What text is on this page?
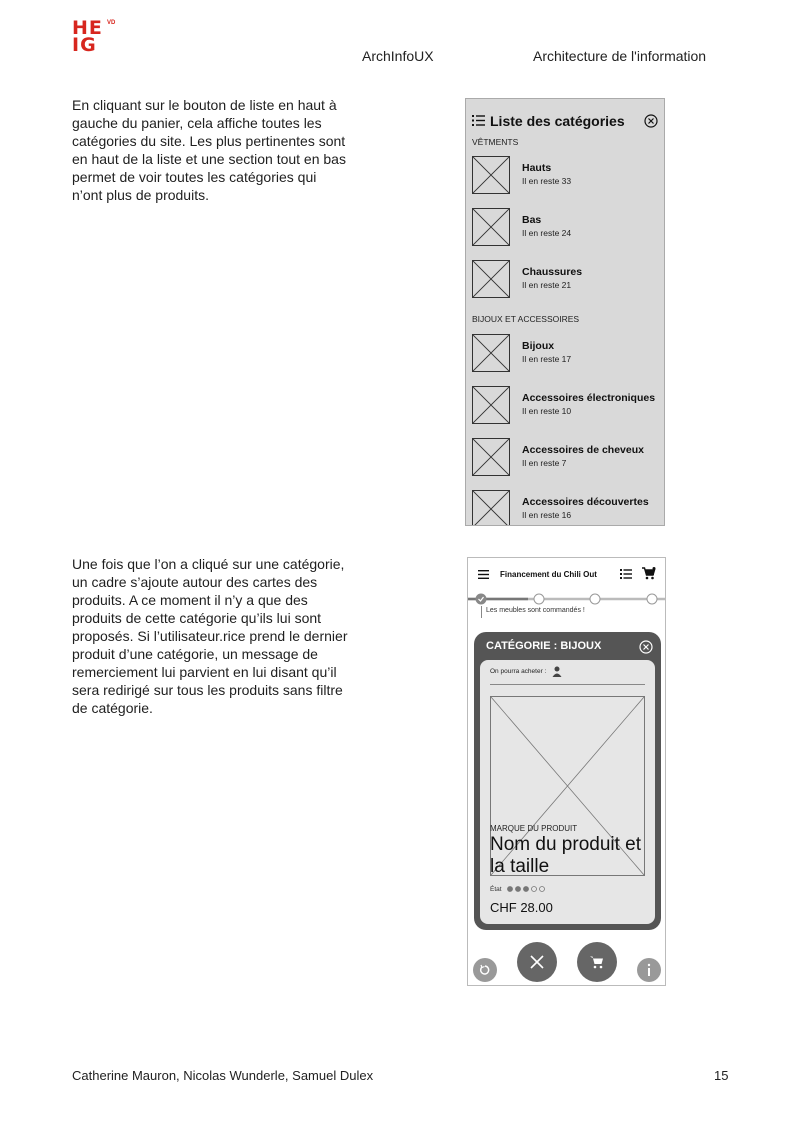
HE
IG
VD
ArchInfoUX	Architecture de l'information
En cliquant sur le bouton de liste en haut à
gauche du panier, cela affiche toutes les
catégories du site. Les plus pertinentes sont
en haut de la liste et une section tout en bas
permet de voir toutes les catégories qui
n’ont plus de produits.
Liste des catégories
VÊTMENTS
Hauts
Il en reste 33
Bas
Il en reste 24
Chaussures
Il en reste 21
BIJOUX ET ACCESSOIRES
Bijoux
Il en reste 17
Accessoires électroniques
Il en reste 10
Accessoires de cheveux
Il en reste 7
Accessoires découvertes
Il en reste 16
Une fois que l’on a cliqué sur une catégorie,
un cadre s’ajoute autour des cartes des
produits. A ce moment il n’y a que des
produits de cette catégorie qu’ils lui sont
proposés. Si l’utilisateur.rice prend le dernier
produit d’une catégorie, un message de
remerciement lui parvient en lui disant qu’il
sera redirigé sur tous les produits sans filtre
de catégorie.
Financement du Chili Out
Les meubles sont commandés !
CATÉGORIE : BIJOUX
On pourra acheter :
MARQUE DU PRODUIT
Nom du produit et la taille
État
CHF 28.00
Catherine Mauron, Nicolas Wunderle, Samuel Dulex	15
